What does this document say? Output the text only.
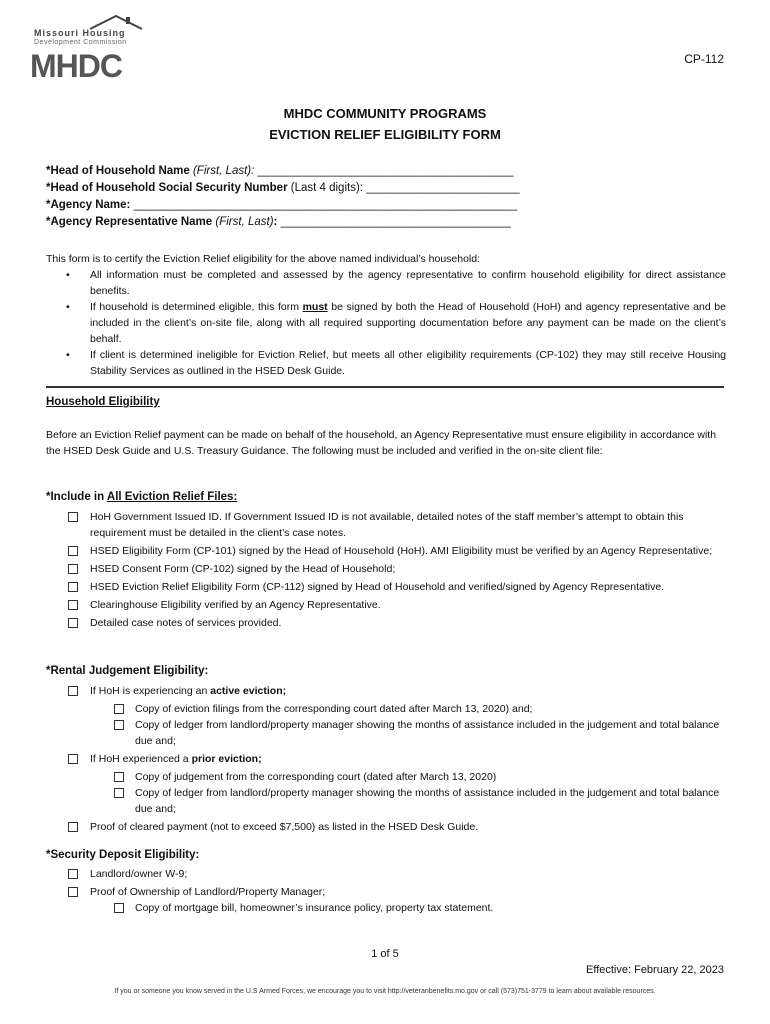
Missouri Housing
Development Commission
MHDC	CP-112
MHDC COMMUNITY PROGRAMS
EVICTION RELIEF ELIGIBILITY FORM
*Head of Household Name (First, Last): ________________________________________
*Head of Household Social Security Number (Last 4 digits): ________________________
*Agency Name: ____________________________________________________________
*Agency Representative Name (First, Last): ____________________________________
This form is to certify the Eviction Relief eligibility for the above named individual’s household:

• All information must be completed and assessed by the agency representative to confirm household eligibility for direct assistance benefits.

• If household is determined eligible, this form must be signed by both the Head of Household (HoH) and agency representative and be included in the client’s on-site file, along with all required supporting documentation before any payment can be made on the client’s behalf.

• If client is determined ineligible for Eviction Relief, but meets all other eligibility requirements (CP-102) they may still receive Housing Stability Services as outlined in the HSED Desk Guide.

Household Eligibility
Before an Eviction Relief payment can be made on behalf of the household, an Agency Representative must ensure eligibility in accordance with the HSED Desk Guide and U.S. Treasury Guidance. The following must be included and verified in the on-site client file:
*Include in All Eviction Relief Files:

HoH Government Issued ID. If Government Issued ID is not available, detailed notes of the staff member’s attempt to obtain this requirement must be detailed in the client’s case notes.

HSED Eligibility Form (CP-101) signed by the Head of Household (HoH). AMI Eligibility must be verified by an Agency Representative;

HSED Consent Form (CP-102) signed by the Head of Household;

HSED Eviction Relief Eligibility Form (CP-112) signed by Head of Household and verified/signed by Agency Representative.

Clearinghouse Eligibility verified by an Agency Representative.

Detailed case notes of services provided.

*Rental Judgement Eligibility:

If HoH is experiencing an active eviction;

Copy of eviction filings from the corresponding court dated after March 13, 2020) and;

Copy of ledger from landlord/property manager showing the months of assistance included in the judgement and total balance due and;

If HoH experienced a prior eviction;

Copy of judgement from the corresponding court (dated after March 13, 2020)

Copy of ledger from landlord/property manager showing the months of assistance included in the judgement and total balance due and;

Proof of cleared payment (not to exceed $7,500) as listed in the HSED Desk Guide.

*Security Deposit Eligibility:

Landlord/owner W-9;

Proof of Ownership of Landlord/Property Manager;

Copy of mortgage bill, homeowner’s insurance policy, property tax statement.

1 of 5
Effective: February 22, 2023
If you or someone you know served in the U.S Armed Forces, we encourage you to visit http://veteranbenefits.mo.gov or call (573)751-3779 to learn about available resources.
